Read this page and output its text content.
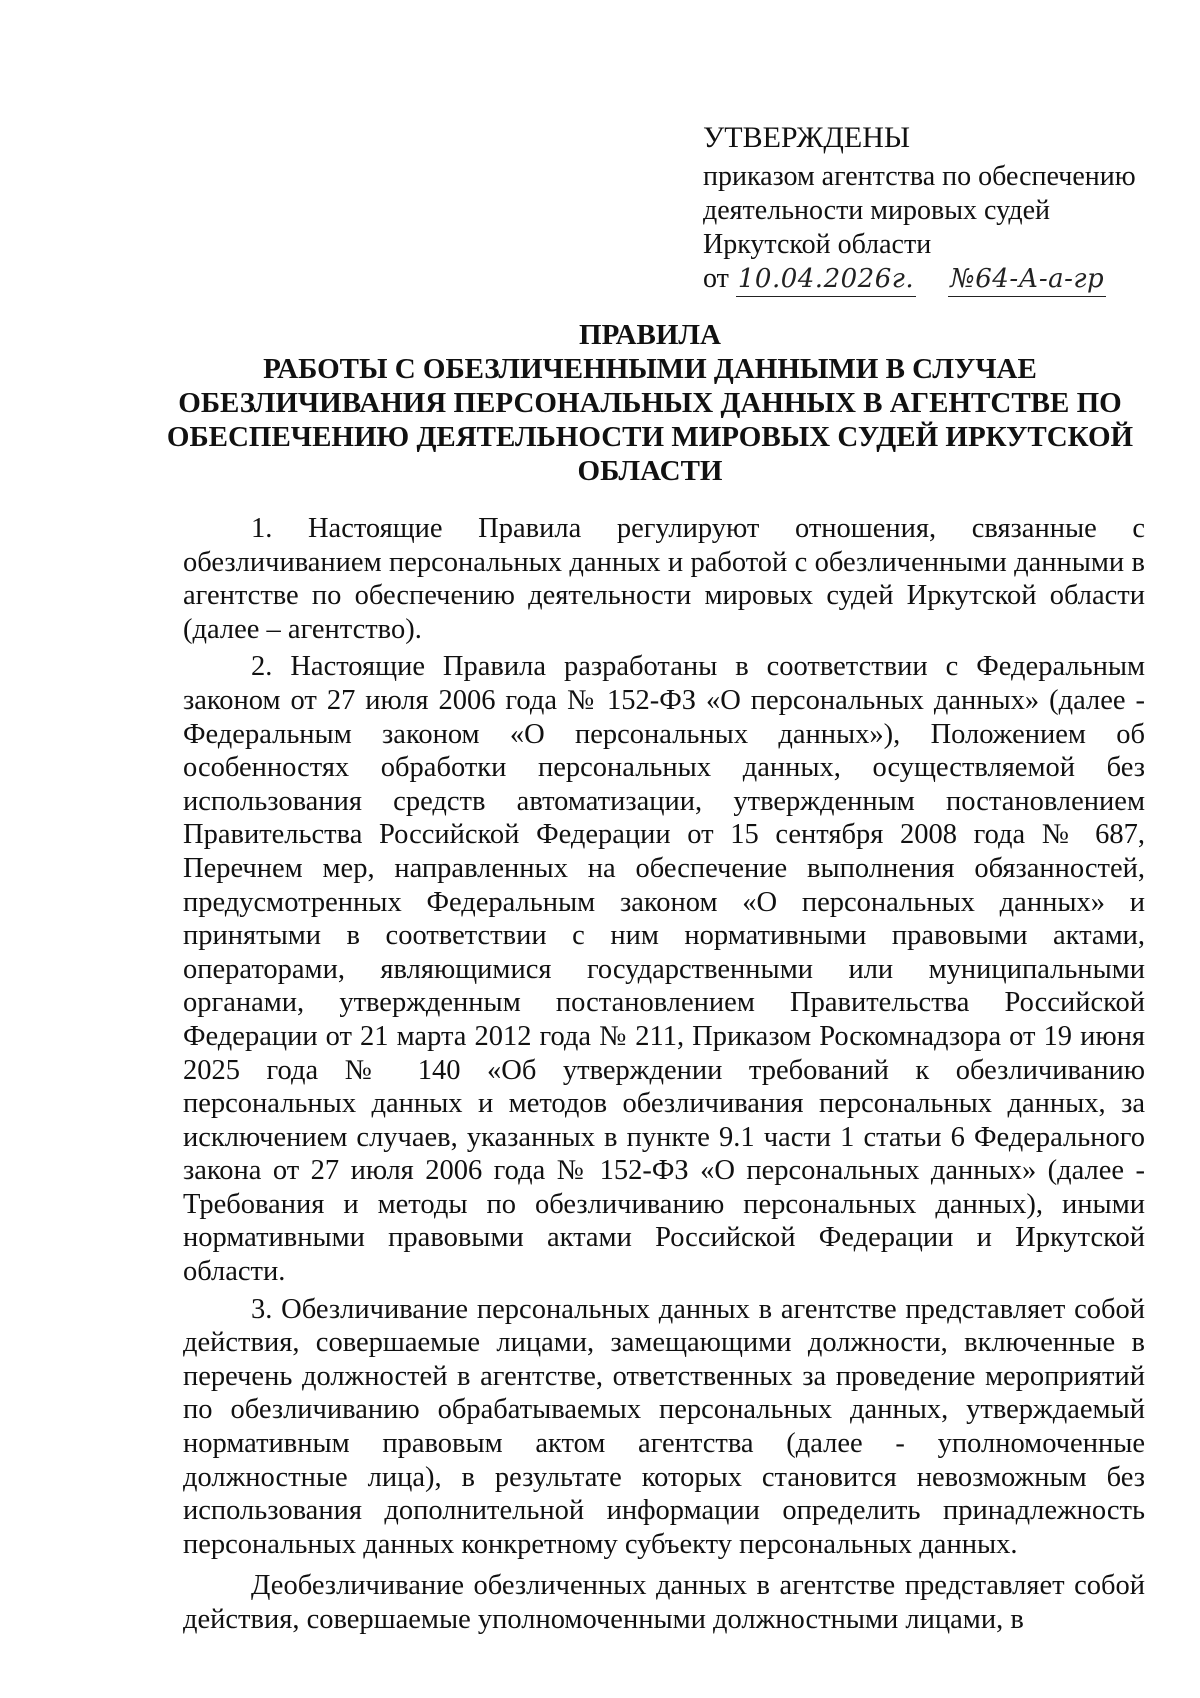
УТВЕРЖДЕНЫ
приказом агентства по обеспечению
деятельности мировых судей
Иркутской области
от 10.04.2026г. №64-А-а-гр
ПРАВИЛА
РАБОТЫ С ОБЕЗЛИЧЕННЫМИ ДАННЫМИ В СЛУЧАЕ
ОБЕЗЛИЧИВАНИЯ ПЕРСОНАЛЬНЫХ ДАННЫХ В АГЕНТСТВЕ ПО
ОБЕСПЕЧЕНИЮ ДЕЯТЕЛЬНОСТИ МИРОВЫХ СУДЕЙ ИРКУТСКОЙ
ОБЛАСТИ

1. Настоящие Правила регулируют отношения, связанные с обезличиванием персональных данных и работой с обезличенными данными в агентстве по обеспечению деятельности мировых судей Иркутской области (далее – агентство).

2. Настоящие Правила разработаны в соответствии с Федеральным законом от 27 июля 2006 года № 152-ФЗ «О персональных данных» (далее - Федеральным законом «О персональных данных»), Положением об особенностях обработки персональных данных, осуществляемой без использования средств автоматизации, утвержденным постановлением Правительства Российской Федерации от 15 сентября 2008 года № 687, Перечнем мер, направленных на обеспечение выполнения обязанностей, предусмотренных Федеральным законом «О персональных данных» и принятыми в соответствии с ним нормативными правовыми актами, операторами, являющимися государственными или муниципальными органами, утвержденным постановлением Правительства Российской Федерации от 21 марта 2012 года № 211, Приказом Роскомнадзора от 19 июня 2025 года № 140 «Об утверждении требований к обезличиванию персональных данных и методов обезличивания персональных данных, за исключением случаев, указанных в пункте 9.1 части 1 статьи 6 Федерального закона от 27 июля 2006 года № 152-ФЗ «О персональных данных» (далее - Требования и методы по обезличиванию персональных данных), иными нормативными правовыми актами Российской Федерации и Иркутской области.

3. Обезличивание персональных данных в агентстве представляет собой действия, совершаемые лицами, замещающими должности, включенные в перечень должностей в агентстве, ответственных за проведение мероприятий по обезличиванию обрабатываемых персональных данных, утверждаемый нормативным правовым актом агентства (далее - уполномоченные должностные лица), в результате которых становится невозможным без использования дополнительной информации определить принадлежность персональных данных конкретному субъекту персональных данных.

Деобезличивание обезличенных данных в агентстве представляет собой действия, совершаемые уполномоченными должностными лицами, в
